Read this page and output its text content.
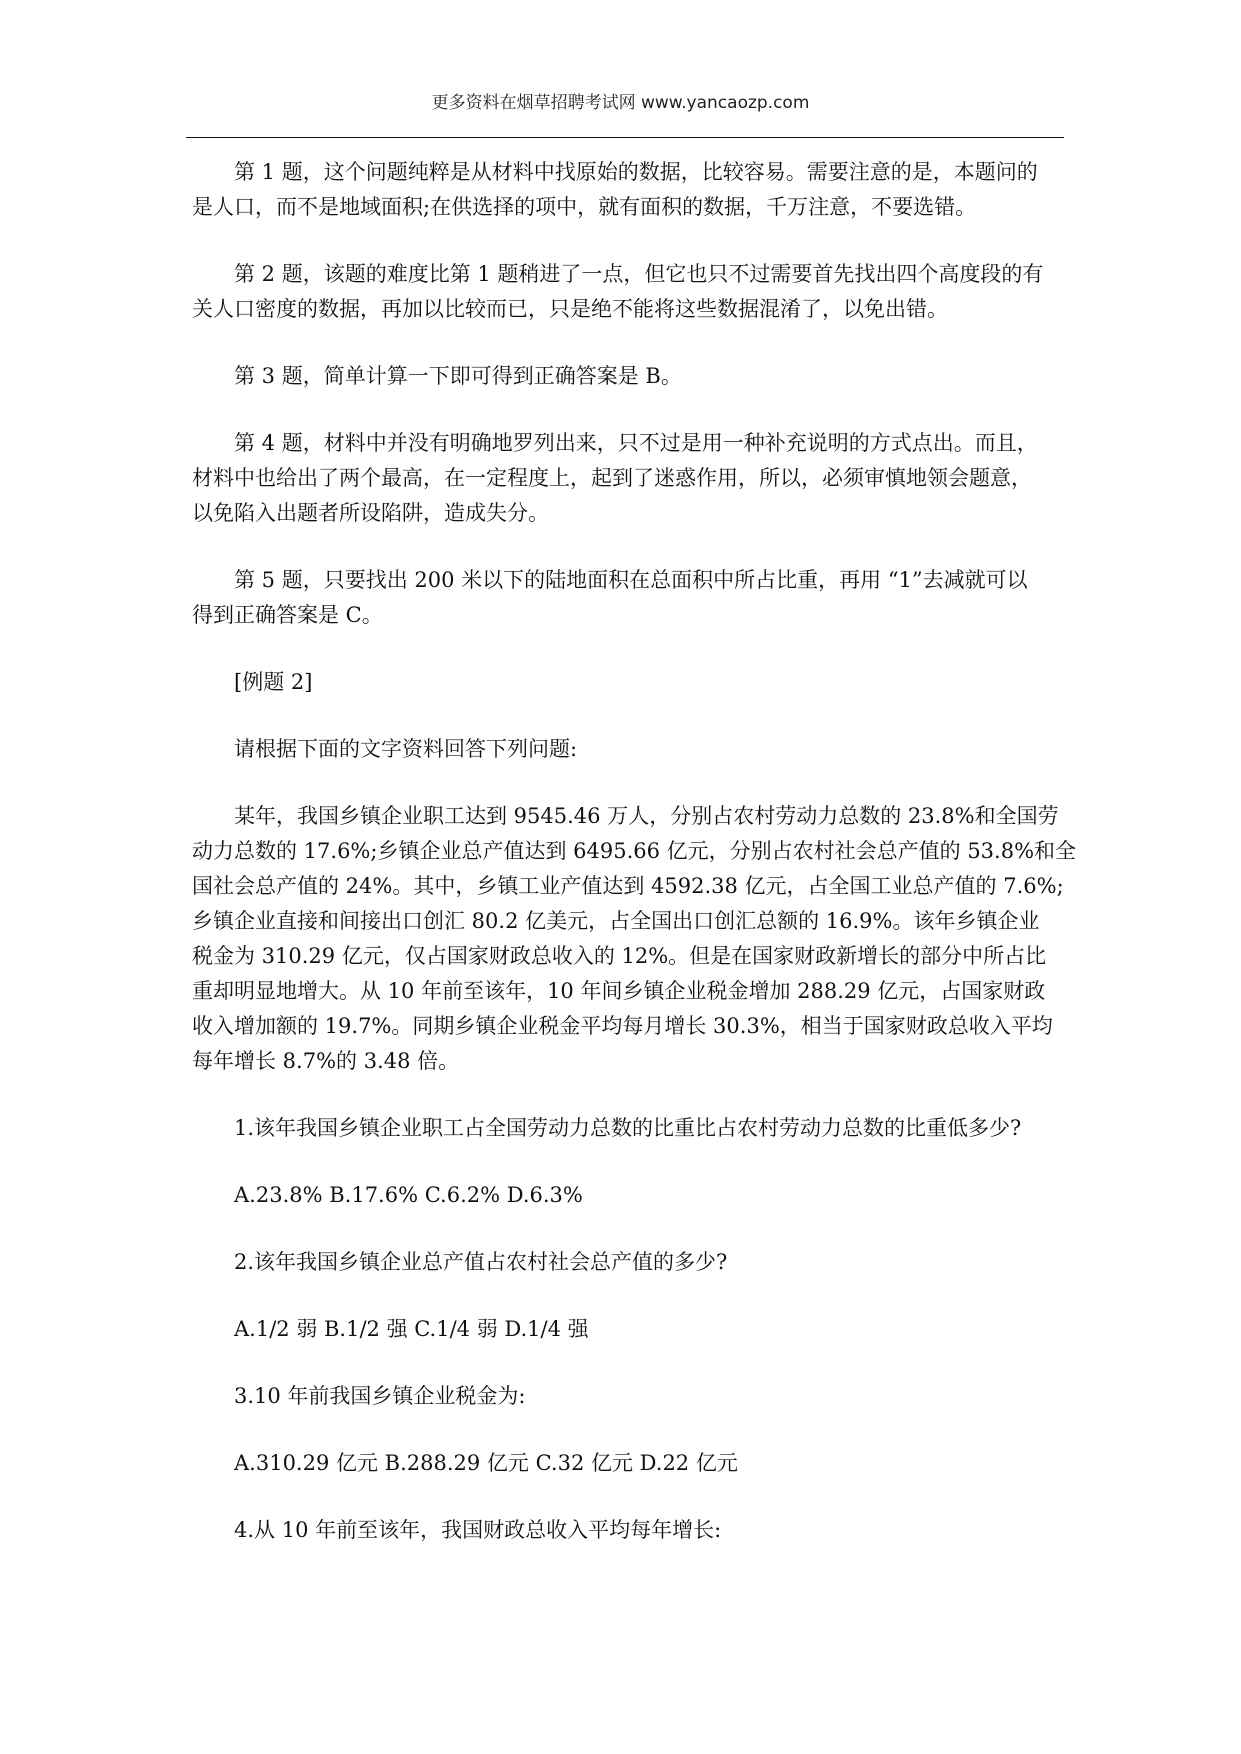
更多资料在烟草招聘考试网 www.yancaozp.com
第 1 题，这个问题纯粹是从材料中找原始的数据，比较容易。需要注意的是，本题问的
是人口，而不是地域面积;在供选择的项中，就有面积的数据，千万注意，不要选错。
第 2 题，该题的难度比第 1 题稍进了一点，但它也只不过需要首先找出四个高度段的有
关人口密度的数据，再加以比较而已，只是绝不能将这些数据混淆了，以免出错。
第 3 题，简单计算一下即可得到正确答案是 B。
第 4 题，材料中并没有明确地罗列出来，只不过是用一种补充说明的方式点出。而且，
材料中也给出了两个最高，在一定程度上，起到了迷惑作用，所以，必须审慎地领会题意，
以免陷入出题者所设陷阱，造成失分。
第 5 题，只要找出 200 米以下的陆地面积在总面积中所占比重，再用 “1”去减就可以
得到正确答案是 C。
[例题 2]
请根据下面的文字资料回答下列问题:
某年，我国乡镇企业职工达到 9545.46 万人，分别占农村劳动力总数的 23.8%和全国劳
动力总数的 17.6%;乡镇企业总产值达到 6495.66 亿元，分别占农村社会总产值的 53.8%和全
国社会总产值的 24%。其中，乡镇工业产值达到 4592.38 亿元，占全国工业总产值的 7.6%;
乡镇企业直接和间接出口创汇 80.2 亿美元，占全国出口创汇总额的 16.9%。该年乡镇企业
税金为 310.29 亿元，仅占国家财政总收入的 12%。但是在国家财政新增长的部分中所占比
重却明显地增大。从 10 年前至该年，10 年间乡镇企业税金增加 288.29 亿元，占国家财政
收入增加额的 19.7%。同期乡镇企业税金平均每月增长 30.3%，相当于国家财政总收入平均
每年增长 8.7%的 3.48 倍。
1.该年我国乡镇企业职工占全国劳动力总数的比重比占农村劳动力总数的比重低多少?
A.23.8% B.17.6% C.6.2% D.6.3%
2.该年我国乡镇企业总产值占农村社会总产值的多少?
A.1/2 弱 B.1/2 强 C.1/4 弱 D.1/4 强
3.10 年前我国乡镇企业税金为:
A.310.29 亿元 B.288.29 亿元 C.32 亿元 D.22 亿元
4.从 10 年前至该年，我国财政总收入平均每年增长:
